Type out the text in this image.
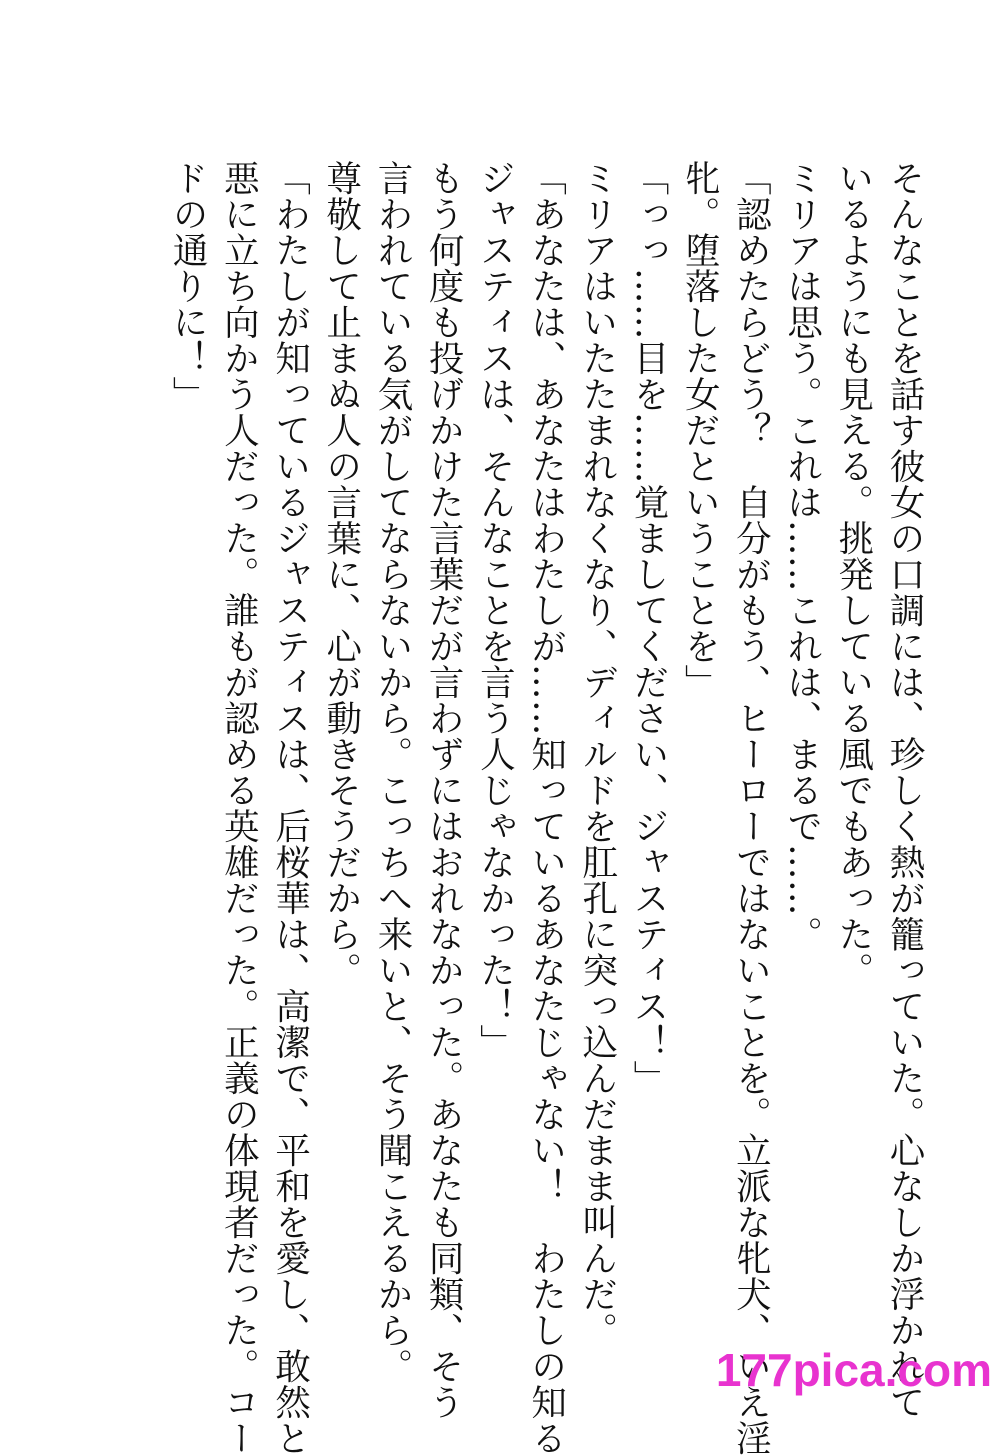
そんなことを話す彼女の口調には、珍しく熱が籠っていた。心なしか浮かれて
いるようにも見える。挑発している風でもあった。
ミリアは思う。これは……これは、まるで……。
「認めたらどう？　自分がもう、ヒーローではないことを。立派な牝犬、いえ淫
牝。堕落した女だということを」
「っっ……目を……覚ましてください、ジャスティス！」
ミリアはいたたまれなくなり、ディルドを肛孔に突っ込んだまま叫んだ。
「あなたは、あなたはわたしが……知っているあなたじゃない！　わたしの知る
ジャスティスは、そんなことを言う人じゃなかった！」
もう何度も投げかけた言葉だが言わずにはおれなかった。あなたも同類、そう
言われている気がしてならないから。こっちへ来いと、そう聞こえるから。
尊敬して止まぬ人の言葉に、心が動きそうだから。
「わたしが知っているジャスティスは、后桜華は、高潔で、平和を愛し、敢然と
悪に立ち向かう人だった。誰もが認める英雄だった。正義の体現者だった。コー
ドの通りに！」
177pica.com
